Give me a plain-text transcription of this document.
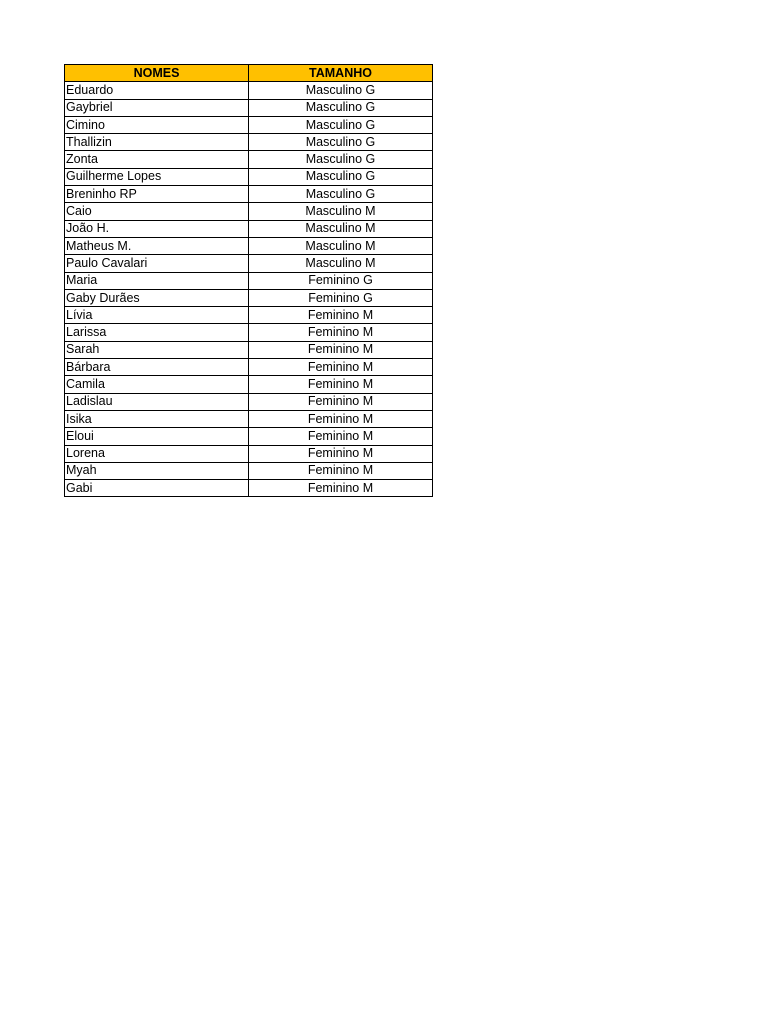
NOMES	TAMANHO
Eduardo	Masculino G
Gaybriel	Masculino G
Cimino	Masculino G
Thallizin	Masculino G
Zonta	Masculino G
Guilherme Lopes	Masculino G
Breninho RP	Masculino G
Caio	Masculino M
João H.	Masculino M
Matheus M.	Masculino M
Paulo Cavalari	Masculino M
Maria	Feminino G
Gaby Durães	Feminino G
Lívia	Feminino M
Larissa	Feminino M
Sarah	Feminino M
Bárbara	Feminino M
Camila	Feminino M
Ladislau	Feminino M
Isika	Feminino M
Eloui	Feminino M
Lorena	Feminino M
Myah	Feminino M
Gabi	Feminino M
